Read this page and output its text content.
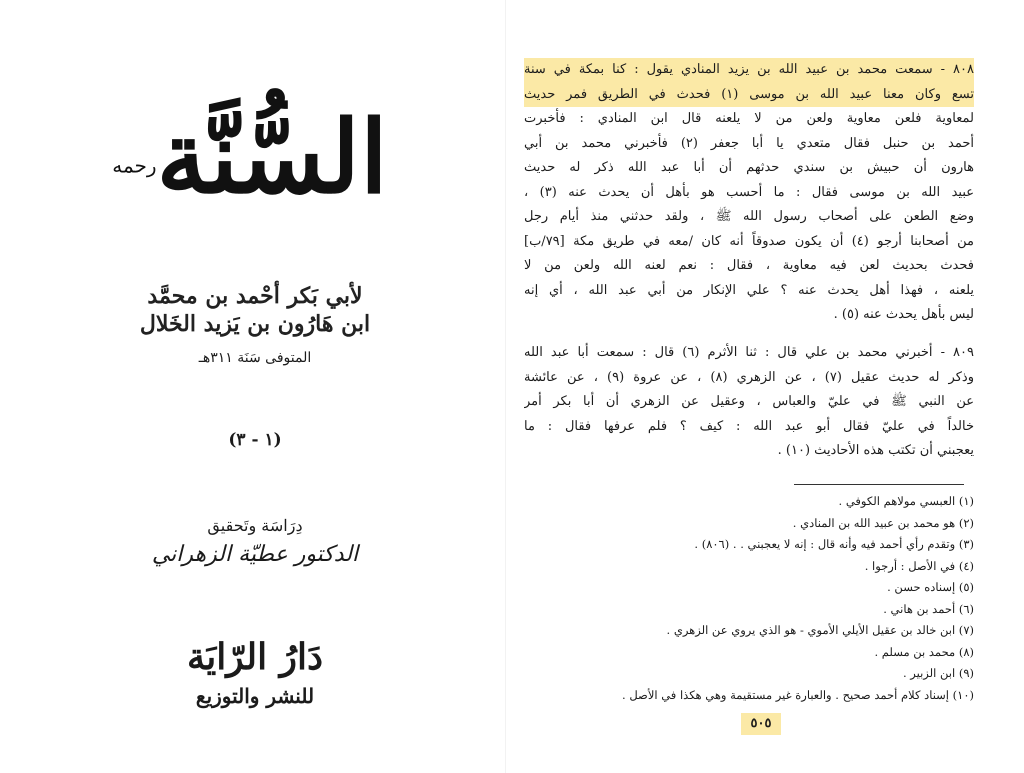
السُّنَّةرحمه
لأبي بَكر أحْمد بن محمَّد
ابن هَارُون بن يَزيد الخَلال
المتوفى سَنَة ٣١١هـ
(١ - ٣)
دِرَاسَة وتَحقيق
الدكتور عطيّة الزهراني
دَارُ الرّايَة
للنشر والتوزيع
٨٠٨ - سمعت محمد بن عبيد الله بن يزيد المنادي يقول : كنا بمكة في سنة
تسع وكان معنا عبيد الله بن موسى (١) فحدث في الطريق فمر حديث
لمعاوية فلعن معاوية ولعن من لا يلعنه قال ابن المنادي : فأخبرت
أحمد بن حنبل فقال متعدي يا أبا جعفر (٢) فأخبرني محمد بن أبي
هارون أن حبيش بن سندي حدثهم أن أبا عبد الله ذكر له حديث
عبيد الله بن موسى فقال : ما أحسب هو بأهل أن يحدث عنه (٣) ،
وضع الطعن على أصحاب رسول الله ﷺ ، ولقد حدثني منذ أيام رجل
من أصحابنا أرجو (٤) أن يكون صدوقاً أنه كان /معه في طريق مكة [٧٩/ب]
فحدث بحديث لعن فيه معاوية ، فقال : نعم لعنه الله ولعن من لا
يلعنه ، فهذا أهل يحدث عنه ؟ علي الإنكار من أبي عبد الله ، أي إنه
ليس بأهل يحدث عنه (٥) .
٨٠٩ - أخبرني محمد بن علي قال : ثنا الأثرم (٦) قال : سمعت أبا عبد الله
وذكر له حديث عقيل (٧) ، عن الزهري (٨) ، عن عروة (٩) ، عن عائشة
عن النبي ﷺ في عليّ والعباس ، وعقيل عن الزهري أن أبا بكر أمر
خالداً في عليّ فقال أبو عبد الله : كيف ؟ فلم عرفها فقال : ما
يعجبني أن تكتب هذه الأحاديث (١٠) .
(١) العبسي مولاهم الكوفي .
(٢) هو محمد بن عبيد الله بن المنادي .
(٣) وتقدم رأي أحمد فيه وأنه قال : إنه لا يعجبني . . (٨٠٦) .
(٤) في الأصل : أرجوا .
(٥) إسناده حسن .
(٦) أحمد بن هاني .
(٧) ابن خالد بن عقيل الأيلي الأموي - هو الذي يروي عن الزهري .
(٨) محمد بن مسلم .
(٩) ابن الزبير .
(١٠) إسناد كلام أحمد صحيح . والعبارة غير مستقيمة وهي هكذا في الأصل .
٥٠٥
